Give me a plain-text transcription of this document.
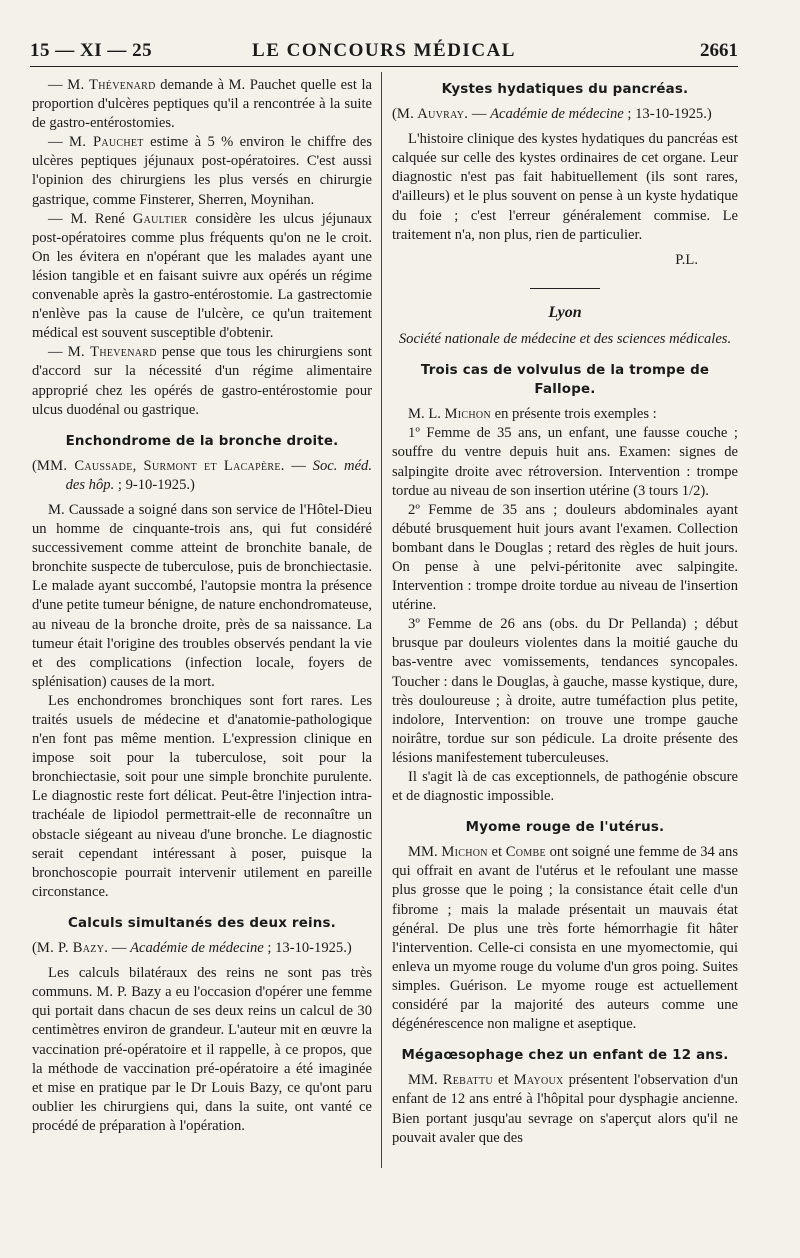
15 — XI — 25	LE CONCOURS MÉDICAL	2661

— M. Thévenard demande à M. Pauchet quelle est la proportion d'ulcères peptiques qu'il a rencontrée à la suite de gastro-entérostomies.

— M. Pauchet estime à 5 % environ le chiffre des ulcères peptiques jéjunaux post-opératoires. C'est aussi l'opinion des chirurgiens les plus versés en chirurgie gastrique, comme Finsterer, Sherren, Moynihan.

— M. René Gaultier considère les ulcus jéjunaux post-opératoires comme plus fréquents qu'on ne le croit. On les évitera en n'opérant que les malades ayant une lésion tangible et en faisant suivre aux opérés un régime convenable après la gastro-entérostomie. La gastrectomie n'enlève pas la cause de l'ulcère, ce qu'un traitement médical est souvent susceptible d'obtenir.

— M. Thevenard pense que tous les chirurgiens sont d'accord sur la nécessité d'un régime alimentaire approprié chez les opérés de gastro-entérostomie pour ulcus duodénal ou gastrique.

Enchondrome de la bronche droite.

(MM. Caussade, Surmont et Lacapère. — Soc. méd. des hôp. ; 9-10-1925.)

M. Caussade a soigné dans son service de l'Hôtel-Dieu un homme de cinquante-trois ans, qui fut considéré successivement comme atteint de bronchite banale, de bronchite suspecte de tuberculose, puis de bronchiectasie. Le malade ayant succombé, l'autopsie montra la présence d'une petite tumeur bénigne, de nature enchondromateuse, au niveau de la bronche droite, près de sa naissance. La tumeur était l'origine des troubles observés pendant la vie et des complications (infection locale, foyers de splénisation) causes de la mort.

Les enchondromes bronchiques sont fort rares. Les traités usuels de médecine et d'anatomie-pathologique n'en font pas même mention. L'expression clinique en impose soit pour la tuberculose, soit pour la bronchiectasie, soit pour une simple bronchite purulente. Le diagnostic reste fort délicat. Peut-être l'injection intra-trachéale de lipiodol permettrait-elle de reconnaître un obstacle siégeant au niveau d'une bronche. Le diagnostic serait cependant intéressant à poser, puisque la bronchoscopie pourrait intervenir utilement en pareille circonstance.

Calculs simultanés des deux reins.

(M. P. Bazy. — Académie de médecine ; 13-10-1925.)

Les calculs bilatéraux des reins ne sont pas très communs. M. P. Bazy a eu l'occasion d'opérer une femme qui portait dans chacun de ses deux reins un calcul de 30 centimètres environ de grandeur. L'auteur mit en œuvre la vaccination pré-opératoire et il rappelle, à ce propos, que la méthode de vaccination pré-opératoire a été imaginée et mise en pratique par le Dr Louis Bazy, ce qu'ont paru oublier les chirurgiens qui, dans la suite, ont vanté ce procédé de préparation à l'opération.

Kystes hydatiques du pancréas.

(M. Auvray. — Académie de médecine ; 13-10-1925.)

L'histoire clinique des kystes hydatiques du pancréas est calquée sur celle des kystes ordinaires de cet organe. Leur diagnostic n'est pas fait habituellement (ils sont rares, d'ailleurs) et le plus souvent on pense à un kyste hydatique du foie ; c'est l'erreur généralement commise. Le traitement n'a, non plus, rien de particulier.

P.L.

Lyon

Société nationale de médecine et des sciences médicales.

Trois cas de volvulus de la trompe de Fallope.

M. L. Michon en présente trois exemples :

1º Femme de 35 ans, un enfant, une fausse couche ; souffre du ventre depuis huit ans. Examen: signes de salpingite droite avec rétroversion. Intervention : trompe tordue au niveau de son insertion utérine (3 tours 1/2).

2º Femme de 35 ans ; douleurs abdominales ayant débuté brusquement huit jours avant l'examen. Collection bombant dans le Douglas ; retard des règles de huit jours. On pense à une pelvi-péritonite avec salpingite. Intervention : trompe droite tordue au niveau de l'insertion utérine.

3º Femme de 26 ans (obs. du Dr Pellanda) ; début brusque par douleurs violentes dans la moitié gauche du bas-ventre avec vomissements, tendances syncopales. Toucher : dans le Douglas, à gauche, masse kystique, dure, très douloureuse ; à droite, autre tuméfaction plus petite, indolore, Intervention: on trouve une trompe gauche noirâtre, tordue sur son pédicule. La droite présente des lésions manifestement tuberculeuses.

Il s'agit là de cas exceptionnels, de pathogénie obscure et de diagnostic impossible.

Myome rouge de l'utérus.

MM. Michon et Combe ont soigné une femme de 34 ans qui offrait en avant de l'utérus et le refoulant une masse plus grosse que le poing ; la consistance était celle d'un fibrome ; mais la malade présentait un mauvais état général. De plus une très forte hémorrhagie fit hâter l'intervention. Celle-ci consista en une myomectomie, qui enleva un myome rouge du volume d'un gros poing. Suites simples. Guérison. Le myome rouge est actuellement considéré par la majorité des auteurs comme une dégénérescence non maligne et aseptique.

Mégaœsophage chez un enfant de 12 ans.

MM. Rebattu et Mayoux présentent l'observation d'un enfant de 12 ans entré à l'hôpital pour dysphagie ancienne. Bien portant jusqu'au sevrage on s'aperçut alors qu'il ne pouvait avaler que des
